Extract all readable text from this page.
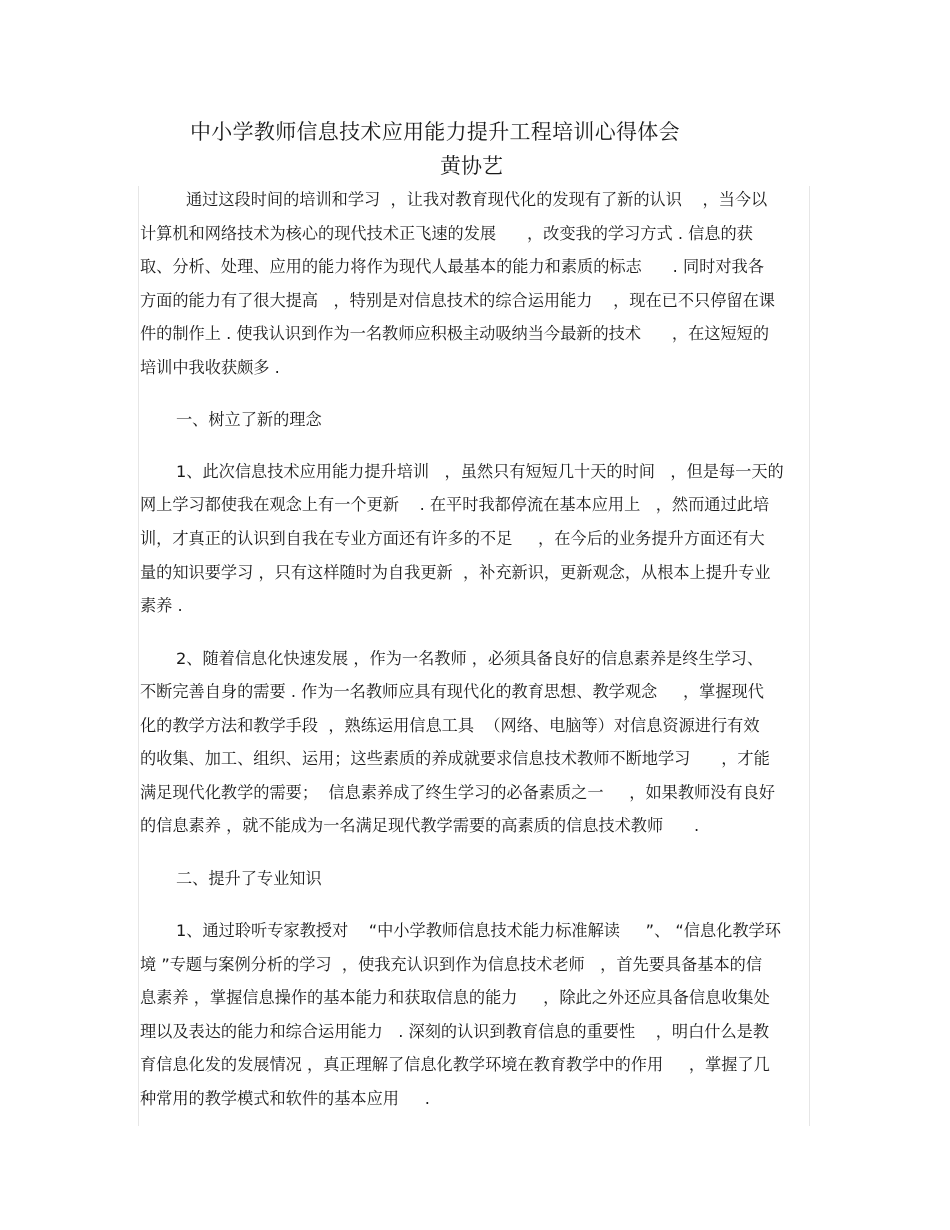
中小学教师信息技术应用能力提升工程培训心得体会
黄协艺
通过这段时间的培训和学习  ，让我对教育现代化的发现有了新的认识    ，当今以
计算机和网络技术为核心的现代技术正飞速的发展      ，改变我的学习方式 . 信息的获
取、分析、处理、应用的能力将作为现代人最基本的能力和素质的标志      . 同时对我各
方面的能力有了很大提高   ，特别是对信息技术的综合运用能力    ，现在已不只停留在课
件的制作上 . 使我认识到作为一名教师应积极主动吸纳当今最新的技术      ，在这短短的
培训中我收获颇多 .
一、树立了新的理念
1、此次信息技术应用能力提升培训   ，虽然只有短短几十天的时间   ，但是每一天的
网上学习都使我在观念上有一个更新    . 在平时我都停流在基本应用上   ，然而通过此培
训，才真正的认识到自我在专业方面还有许多的不足     ，在今后的业务提升方面还有大
量的知识要学习 ，只有这样随时为自我更新  ，补充新识，更新观念，从根本上提升专业
素养 .
2、随着信息化快速发展 ，作为一名教师 ，必须具备良好的信息素养是终生学习、
不断完善自身的需要 . 作为一名教师应具有现代化的教育思想、教学观念     ，掌握现代
化的教学方法和教学手段  ，熟练运用信息工具  （网络、电脑等）对信息资源进行有效
的收集、加工、组织、运用；这些素质的养成就要求信息技术教师不断地学习      ，才能
满足现代化教学的需要；  信息素养成了终生学习的必备素质之一     ，如果教师没有良好
的信息素养 ，就不能成为一名满足现代教学需要的高素质的信息技术教师      .
二、提升了专业知识
1、通过聆听专家教授对    “中小学教师信息技术能力标准解读     ”、 “信息化教学环
境 ”专题与案例分析的学习  ，使我充认识到作为信息技术老师   ，首先要具备基本的信
息素养 ，掌握信息操作的基本能力和获取信息的能力     ，除此之外还应具备信息收集处
理以及表达的能力和综合运用能力   . 深刻的认识到教育信息的重要性    ，明白什么是教
育信息化发的发展情况 ，真正理解了信息化教学环境在教育教学中的作用     ，掌握了几
种常用的教学模式和软件的基本应用     .
